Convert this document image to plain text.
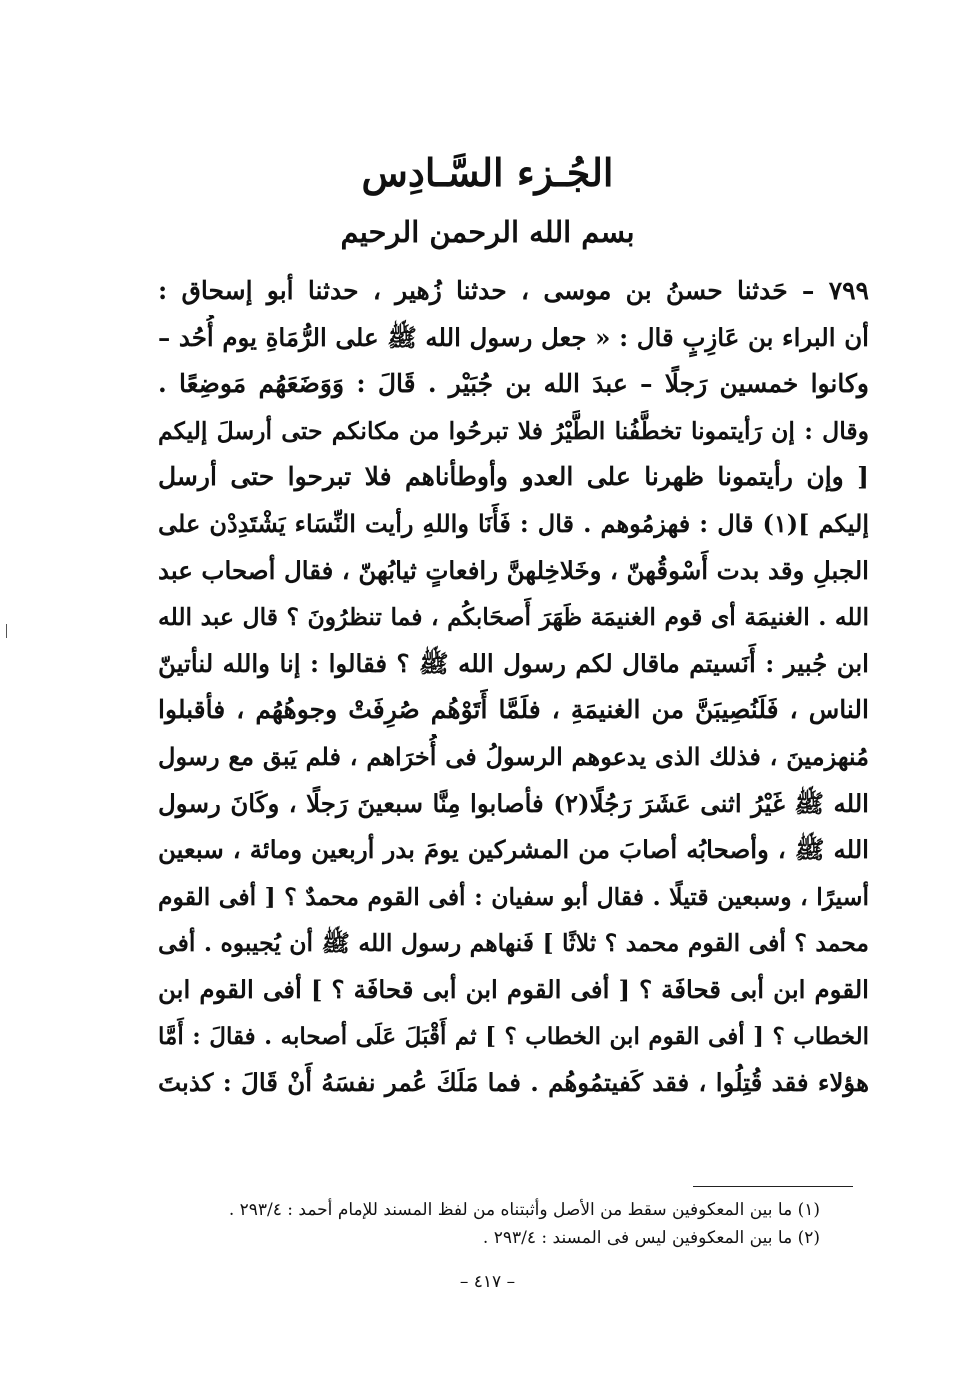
الجُـزء السَّـادِس
بسم الله الرحمن الرحيم
٧٩٩ – حَدثنا حسنُ بن موسى ، حدثنا زُهير ، حدثنا أبو إسحاق :
أن البراء بن عَازِبٍ قال : « جعل رسول الله ﷺ على الرُّمَاةِ يوم أُحُد –
وكانوا خمسين رَجلًا – عبدَ الله بن جُبَيْر . قَالَ : وَوَضَعَهُم مَوضِعًا .
وقال : إن رَأيتمونا تخطَّفُنا الطَّيْرُ فلا تبرحُوا من مكانكم حتى أرسلَ إليكم
[ وإن رأيتمونا ظهرنا على العدو وأوطأناهم فلا تبرحوا حتى أرسل
إليكم ](١) قال : فهزمُوهم . قال : فَأَنَا واللهِ رأيت النِّسَاء يَشْتَدِدْن على
الجبلِ وقد بدت أَسْوقُهنّ ، وخَلاخِلهنَّ رافعاتٍ ثيابُهنّ ، فقال أصحاب عبد
الله . الغنيمَة أى قوم الغنيمَة ظَهَرَ أَصحَابكُم ، فما تنظرُونَ ؟ قال عبد الله
ابن جُبير : أَنَسيتم ماقال لكم رسول الله ﷺ ؟ فقالوا : إنا والله لنأتينّ
الناس ، فَلَنُصِيبَنَّ من الغنيمَةِ ، فلَمَّا أَتَوْهُم صُرِفَتْ وجوهُهُم ، فأقبلوا
مُنهزمينَ ، فذلك الذى يدعوهم الرسولُ فى أُخرَاهم ، فلم يَبق مع رسول
الله ﷺ غَيْرُ اثنى عَشَرَ رَجُلًا(٢) فأصابوا مِنَّا سبعينَ رَجلًا ، وكَانَ رسول
الله ﷺ ، وأصحابُه أصابَ من المشركين يومَ بدر أربعين ومائة ، سبعين
أسيرًا ، وسبعين قتيلًا . فقال أبو سفيان : أفى القوم محمدٌ ؟ [ أفى القوم
محمد ؟ أفى القوم محمد ؟ ثلاثًا ] فَنهاهم رسول الله ﷺ أن يُجيبوه . أفى
القوم ابن أبى قحافَة ؟ [ أفى القوم ابن أبى قحافَة ؟ ] أفى القوم ابن
الخطاب ؟ [ أفى القوم ابن الخطاب ؟ ] ثم أَقْبَلَ عَلَى أصحابه . فقالَ : أَمَّا
هؤلاء فقد قُتِلُوا ، فقد كَفيتمُوهُم . فما مَلَكَ عُمر نفسَهُ أَنْ قَالَ : كذبتَ
(١) ما بين المعكوفين سقط من الأصل وأثبتناه من لفظ المسند للإمام أحمد : ٢٩٣/٤ .
(٢) ما بين المعكوفين ليس فى المسند : ٢٩٣/٤ .
– ٤١٧ –
